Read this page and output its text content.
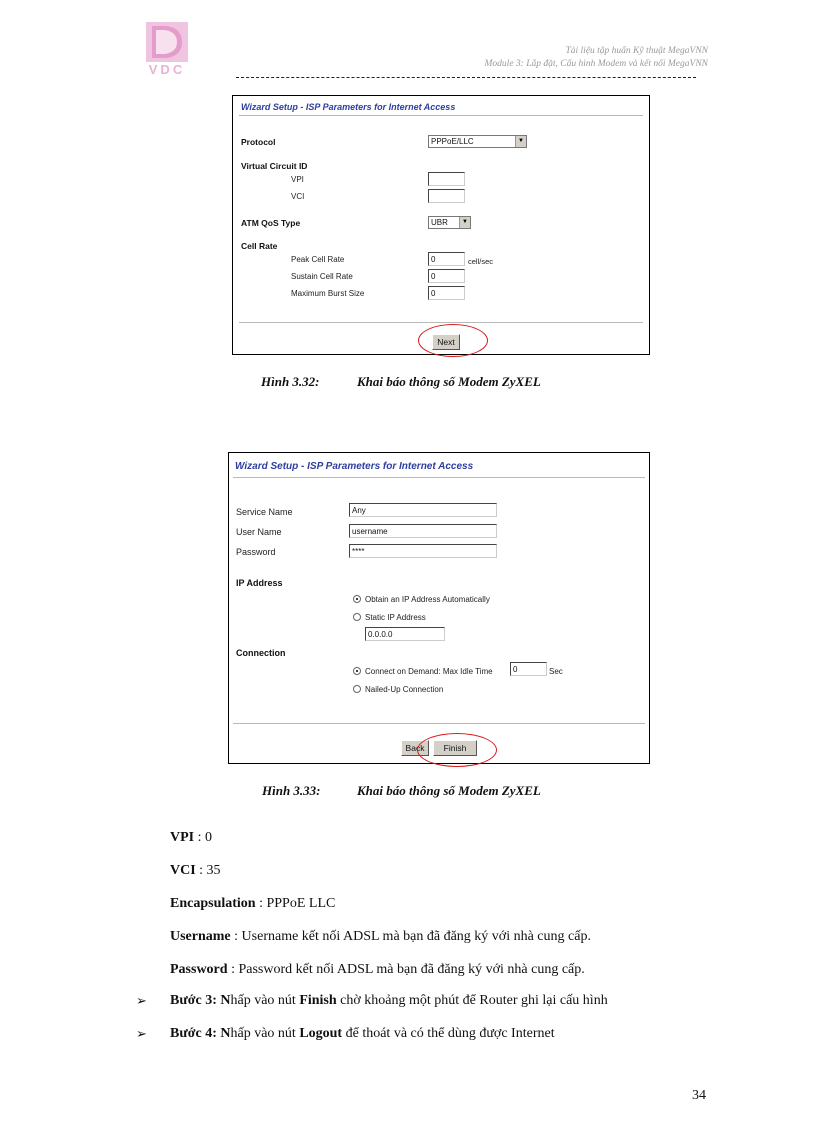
VDC
Tài liệu tập huấn Kỹ thuật MegaVNN
Module 3: Lắp đặt, Cấu hình Modem và kết nối MegaVNN
Wizard Setup - ISP Parameters for Internet Access
Protocol	PPPoE/LLC	▼
Virtual Circuit ID
VPI
VCI
ATM QoS Type	UBR	▼
Cell Rate
Peak Cell Rate	0	cell/sec
Sustain Cell Rate	0
Maximum Burst Size	0
Next
Hình 3.32:	Khai báo thông số Modem ZyXEL
Wizard Setup - ISP Parameters for Internet Access
Service Name	Any
User Name	username
Password	****
IP Address
Obtain an IP Address Automatically
Static IP Address
0.0.0.0
Connection
Connect on Demand: Max Idle Time	0	Sec
Nailed-Up Connection
Back	Finish
Hình 3.33:	Khai báo thông số Modem ZyXEL
VPI : 0
VCI : 35
Encapsulation : PPPoE LLC
Username : Username kết nối ADSL mà bạn đã đăng ký với nhà cung cấp.
Password : Password kết nối ADSL mà bạn đã đăng ký với nhà cung cấp.
➢ Bước 3: Nhấp vào nút Finish chờ khoảng một phút để Router ghi lại cấu hình
➢ Bước 4: Nhấp vào nút Logout để thoát và có thể dùng được Internet
34
